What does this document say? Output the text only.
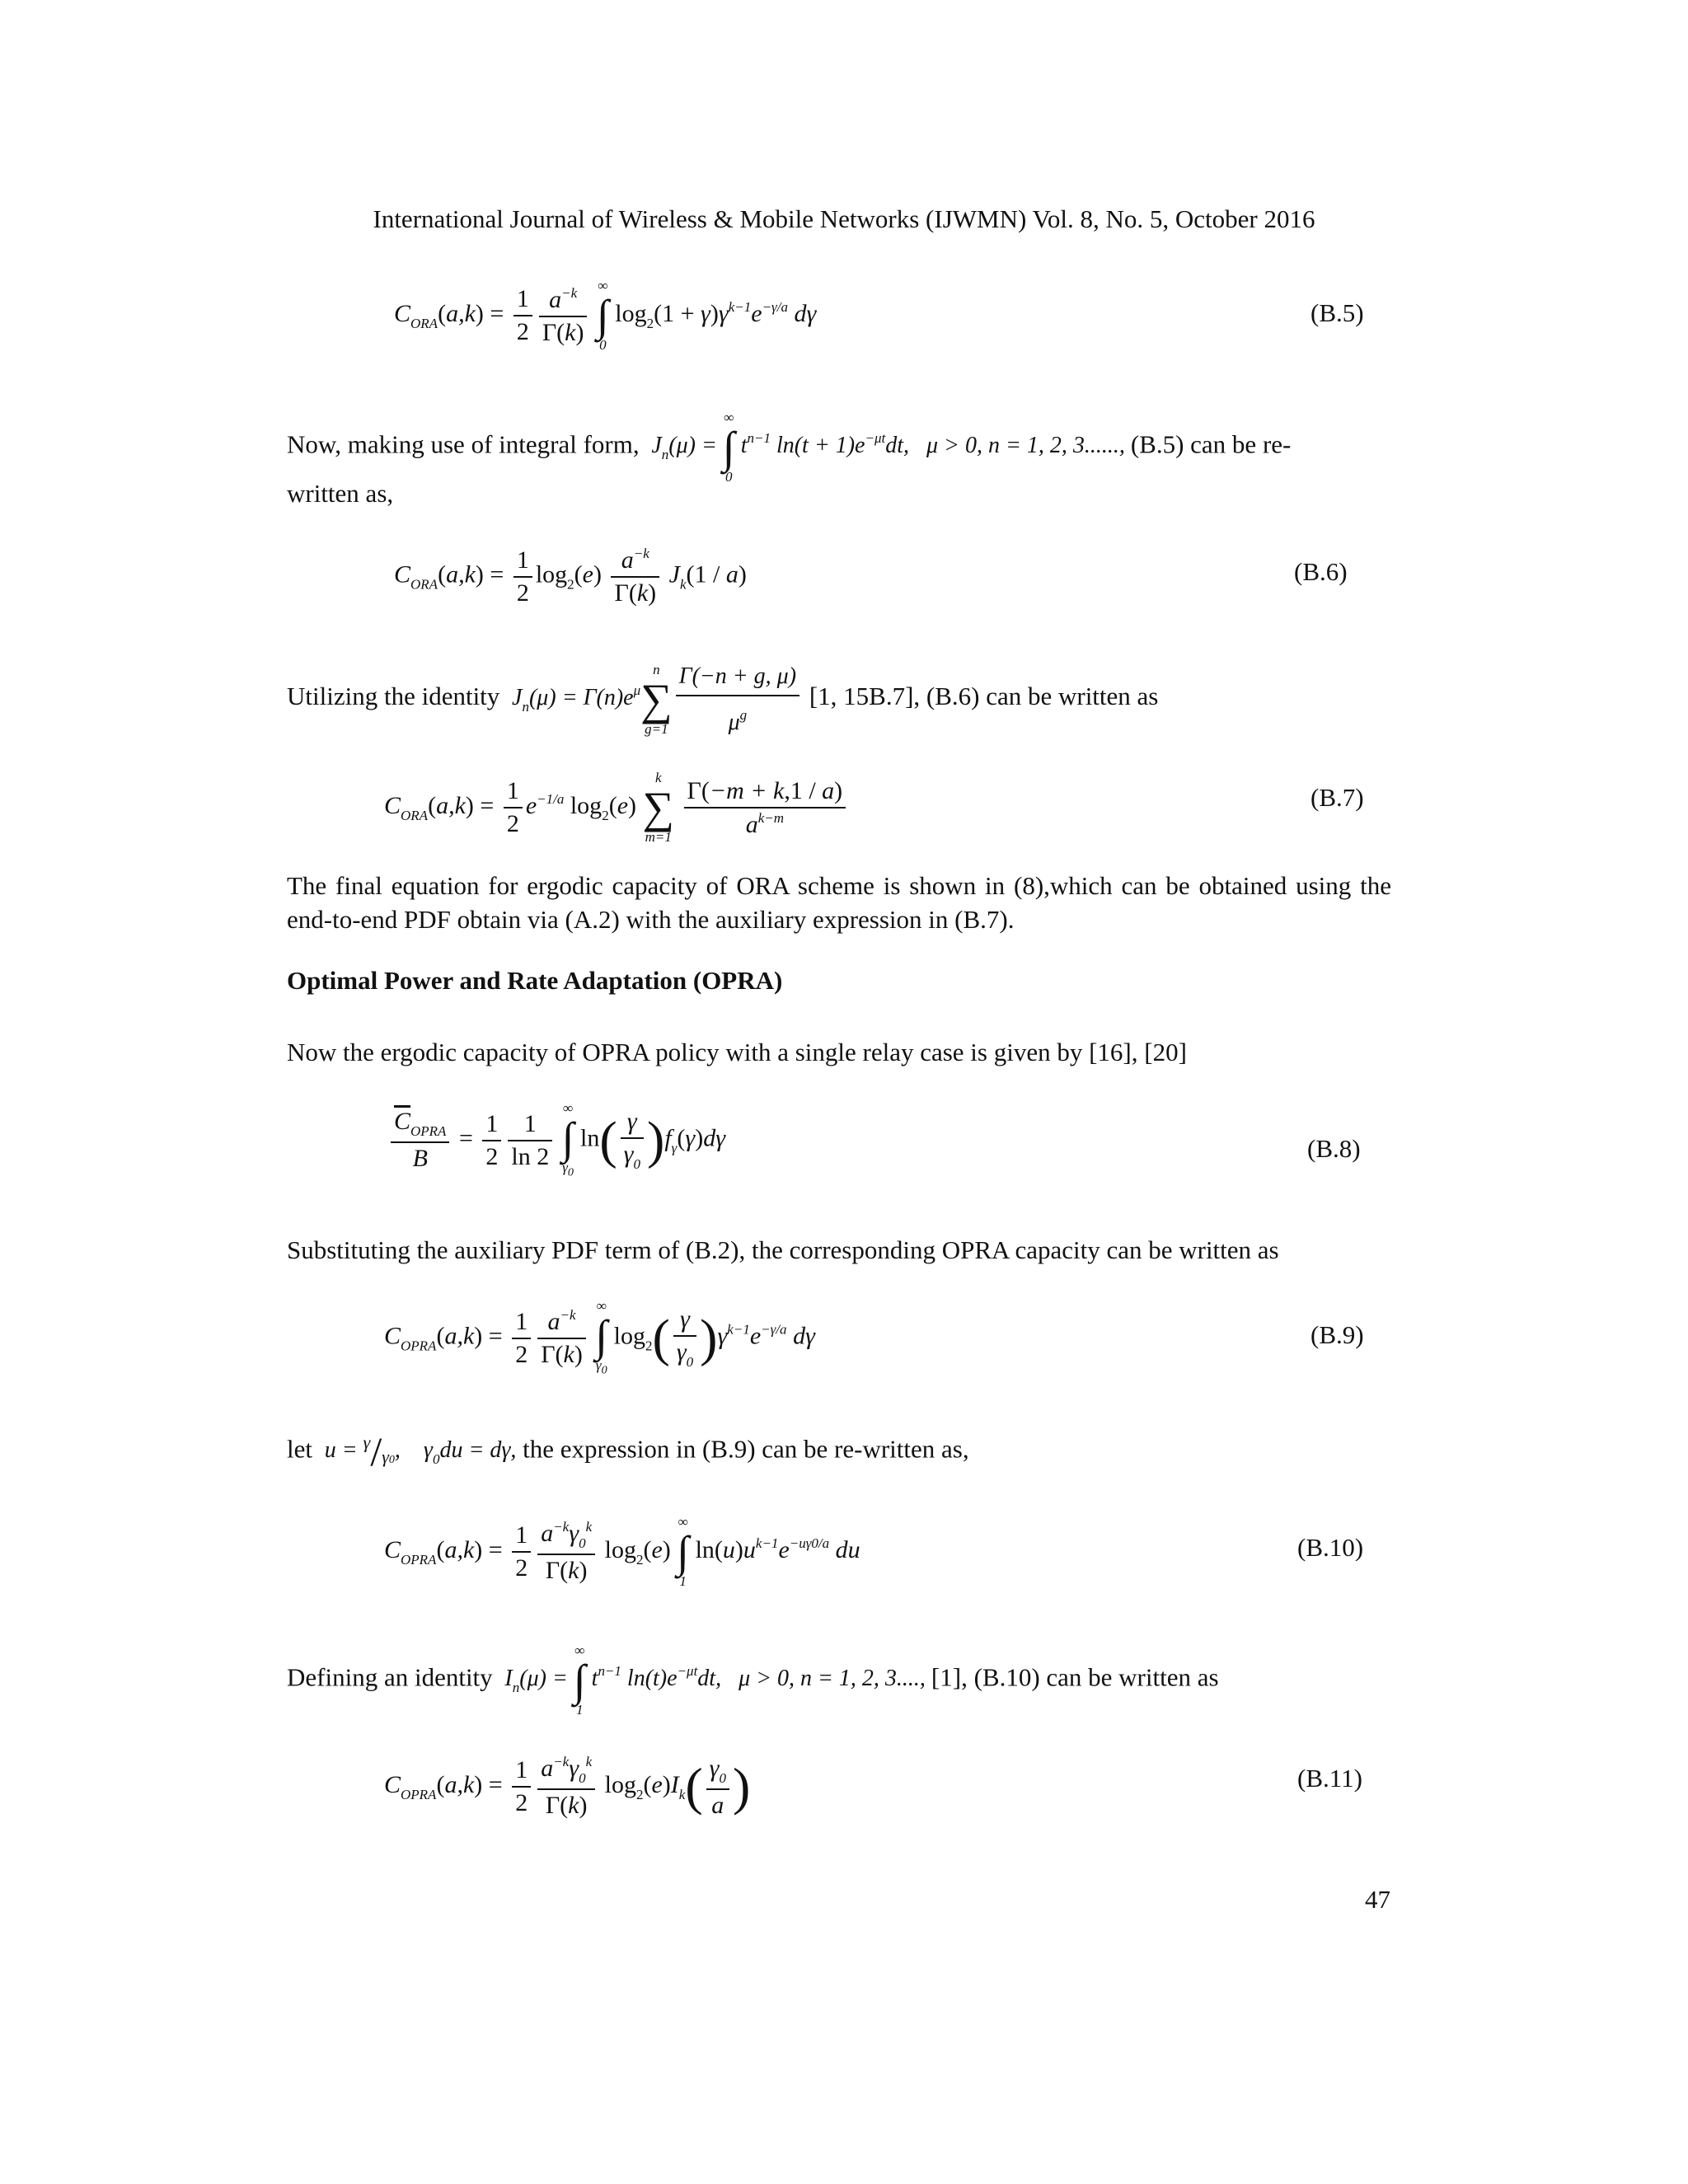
International Journal of Wireless & Mobile Networks (IJWMN) Vol. 8, No. 5, October 2016
$C_{ORA}(a,k) = \frac{1}{2} \frac{a^{-k}}{\Gamma(k)}$ ∞
∫
0 $\log_2(1 + \gamma)\gamma^{k-1}e^{-\gamma/a}$ dγ	(B.5)
Now, making use of integral form,  $J_n(\mu)$ = ∞
∫
0 $t^{n-1}$ $\ln(t + 1)e^{-\mu t}dt$,   μ > 0, n = 1, 2, 3......, (B.5) can be re-
written as,
$C_{ORA}(a,k) = \frac{1}{2} \log_2(e) \frac{a^{-k}}{\Gamma(k)} J_k(1 / a)$	(B.6)
Utilizing the identity  $J_n(\mu) = \Gamma(n)e^\mu n$
∑
$g=1 \frac{\Gamma(-n + g, \mu)}{\mu^g} [1$, 15B.7], (B.6) can be written as
$C_{ORA}(a,k) = \frac{1}{2} e^{-1/a}$ $\log_2(e)$ k
∑
$m=1 \frac{\Gamma(-m + k,1 / a)}{a^{k-m}}$	(B.7)
The final equation for ergodic capacity of ORA scheme is shown in (8),which can be obtained using the end-to-end PDF obtain via (A.2) with the auxiliary expression in (B.7).
Optimal Power and Rate Adaptation (OPRA)
Now the ergodic capacity of OPRA policy with a single relay case is given by [16], [20]
$\frac{\overline{C}_{OPRA}}{B} = \frac{1}{2} \frac{1}{\ln 2}$
∞
∫
$\gamma_0$ $\ln( \frac{\gamma}{\gamma_0} )f_\gamma(\gamma)d\gamma$	(B.8)
Substituting the auxiliary PDF term of (B.2), the corresponding OPRA capacity can be written as
$C_{OPRA}(a,k) = \frac{1}{2} \frac{a^{-k}}{\Gamma(k)}$
∞
∫
$\gamma_0$ $\log_2( \frac{\gamma}{\gamma_0} )\gamma^{k-1}e^{-\gamma/a}$ dγ	(B.9)
let  $u = ^\gamma/_{\gamma 0}$,    $\gamma_0du = d\gamma$, the expression in (B.9) can be re-written as,
$C_{OPRA}(a,k) = \frac{1}{2} \frac{a^{-k}\gamma_0^k}{\Gamma(k)} \log_2(e)$ ∞
∫
1 $\ln(u)u^{k-1}e^{-u\gamma 0/a}$ du	(B.10)
Defining an identity  $I_n(\mu)$ = ∞
∫
1 $t^{n-1}$ $\ln(t)e^{-\mu t}dt$,   μ > 0, n = 1, 2, 3...., [1], (B.10) can be written as
$C_{OPRA}(a,k) = \frac{1}{2} \frac{a^{-k}\gamma_0^k}{\Gamma(k)} \log_2(e)I_k( \frac{\gamma_0}{a}$ )	(B.11)
47
